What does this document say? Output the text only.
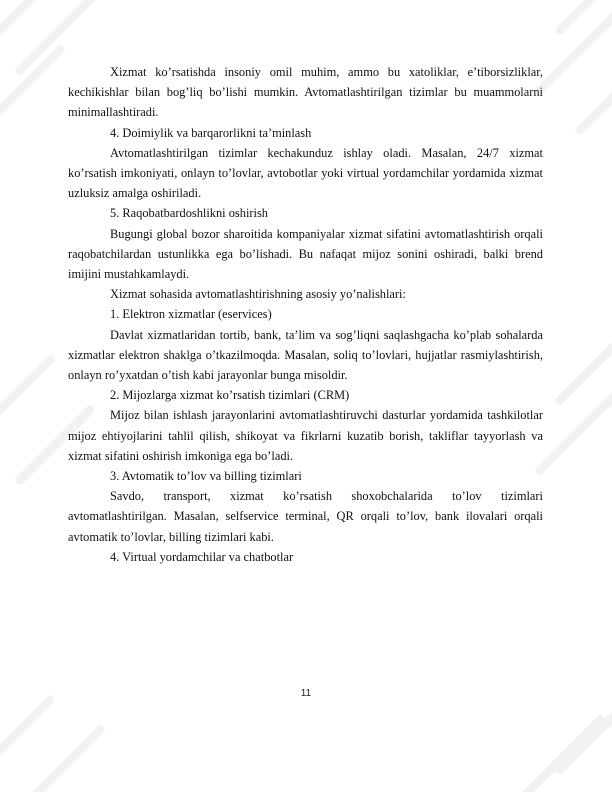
Xizmat ko’rsatishda insoniy omil muhim, ammo bu xatoliklar, e’tiborsizliklar, kechikishlar bilan bog’liq bo’lishi mumkin. Avtomatlashtirilgan tizimlar bu muammolarni minimallashtiradi.

4. Doimiylik va barqarorlikni ta’minlash

Avtomatlashtirilgan tizimlar kechakunduz ishlay oladi. Masalan, 24/7 xizmat ko’rsatish imkoniyati, onlayn to’lovlar, avtobotlar yoki virtual yordamchilar yordamida xizmat uzluksiz amalga oshiriladi.

5. Raqobatbardoshlikni oshirish

Bugungi global bozor sharoitida kompaniyalar xizmat sifatini avtomatlashtirish orqali raqobatchilardan ustunlikka ega bo’lishadi. Bu nafaqat mijoz sonini oshiradi, balki brend imijini mustahkamlaydi.

Xizmat sohasida avtomatlashtirishning asosiy yo’nalishlari:

1. Elektron xizmatlar (eservices)

Davlat xizmatlaridan tortib, bank, ta’lim va sog’liqni saqlashgacha ko’plab sohalarda xizmatlar elektron shaklga o’tkazilmoqda. Masalan, soliq to’lovlari, hujjatlar rasmiylashtirish, onlayn ro’yxatdan o’tish kabi jarayonlar bunga misoldir.

2. Mijozlarga xizmat ko’rsatish tizimlari (CRM)

Mijoz bilan ishlash jarayonlarini avtomatlashtiruvchi dasturlar yordamida tashkilotlar mijoz ehtiyojlarini tahlil qilish, shikoyat va fikrlarni kuzatib borish, takliflar tayyorlash va xizmat sifatini oshirish imkoniga ega bo’ladi.

3. Avtomatik to’lov va billing tizimlari

Savdo, transport, xizmat ko’rsatish shoxobchalarida to’lov tizimlari avtomatlashtirilgan. Masalan, selfservice terminal, QR orqali to’lov, bank ilovalari orqali avtomatik to’lovlar, billing tizimlari kabi.

4. Virtual yordamchilar va chatbotlar

11
